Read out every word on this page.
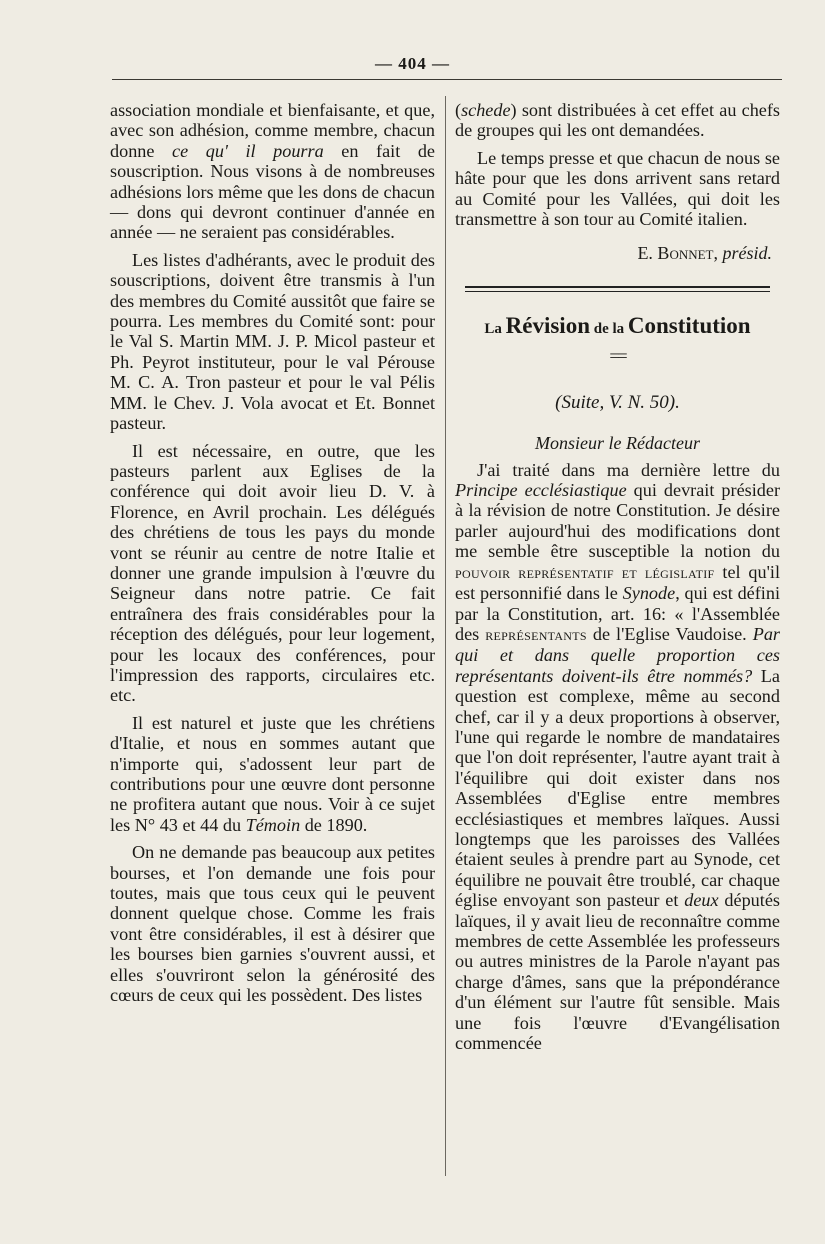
— 404 —

association mondiale et bienfaisante, et que, avec son adhésion, comme membre, chacun donne ce qu' il pourra en fait de souscription. Nous visons à de nombreuses adhésions lors même que les dons de chacun — dons qui devront continuer d'année en année — ne seraient pas considérables.

Les listes d'adhérants, avec le produit des souscriptions, doivent être transmis à l'un des membres du Comité aussitôt que faire se pourra. Les membres du Comité sont: pour le Val S. Martin MM. J. P. Micol pasteur et Ph. Peyrot instituteur, pour le val Pérouse M. C. A. Tron pasteur et pour le val Pélis MM. le Chev. J. Vola avocat et Et. Bonnet pasteur.

Il est nécessaire, en outre, que les pasteurs parlent aux Eglises de la conférence qui doit avoir lieu D. V. à Florence, en Avril prochain. Les délégués des chrétiens de tous les pays du monde vont se réunir au centre de notre Italie et donner une grande impulsion à l'œuvre du Seigneur dans notre patrie. Ce fait entraînera des frais considérables pour la réception des délégués, pour leur logement, pour les locaux des conférences, pour l'impression des rapports, circulaires etc. etc.

Il est naturel et juste que les chrétiens d'Italie, et nous en sommes autant que n'importe qui, s'adossent leur part de contributions pour une œuvre dont personne ne profitera autant que nous. Voir à ce sujet les N° 43 et 44 du Témoin de 1890.

On ne demande pas beaucoup aux petites bourses, et l'on demande une fois pour toutes, mais que tous ceux qui le peuvent donnent quelque chose. Comme les frais vont être considérables, il est à désirer que les bourses bien garnies s'ouvrent aussi, et elles s'ouvriront selon la générosité des cœurs de ceux qui les possèdent. Des listes

(schede) sont distribuées à cet effet au chefs de groupes qui les ont demandées.

Le temps presse et que chacun de nous se hâte pour que les dons arrivent sans retard au Comité pour les Vallées, qui doit les transmettre à son tour au Comité italien.

E. Bonnet, présid.
La Révision de la Constitution
==
(Suite, V. N. 50).
Monsieur le Rédacteur

J'ai traité dans ma dernière lettre du Principe ecclésiastique qui devrait présider à la révision de notre Constitution. Je désire parler aujourd'hui des modifications dont me semble être susceptible la notion du pouvoir représentatif et législatif tel qu'il est personnifié dans le Synode, qui est défini par la Constitution, art. 16: « l'Assemblée des représentants de l'Eglise Vaudoise. Par qui et dans quelle proportion ces représentants doivent-ils être nommés? La question est complexe, même au second chef, car il y a deux proportions à observer, l'une qui regarde le nombre de mandataires que l'on doit représenter, l'autre ayant trait à l'équilibre qui doit exister dans nos Assemblées d'Eglise entre membres ecclésiastiques et membres laïques. Aussi longtemps que les paroisses des Vallées étaient seules à prendre part au Synode, cet équilibre ne pouvait être troublé, car chaque église envoyant son pasteur et deux députés laïques, il y avait lieu de reconnaître comme membres de cette Assemblée les professeurs ou autres ministres de la Parole n'ayant pas charge d'âmes, sans que la prépondérance d'un élément sur l'autre fût sensible. Mais une fois l'œuvre d'Evangélisation commencée
